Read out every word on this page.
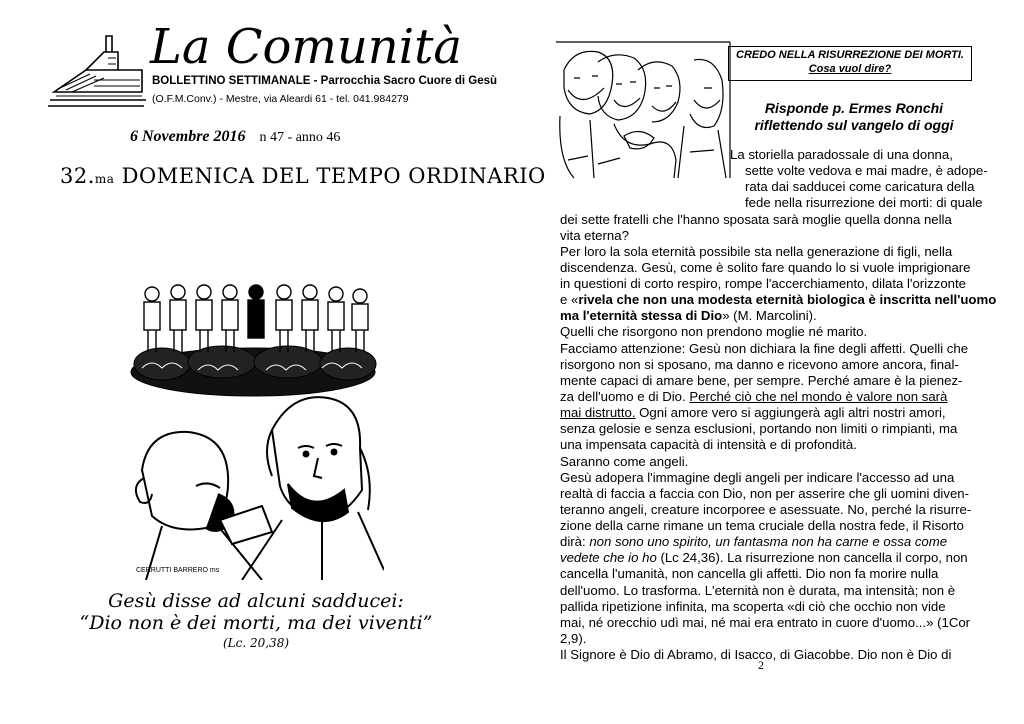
La Comunità
BOLLETTINO SETTIMANALE - Parrocchia Sacro Cuore di Gesù
(O.F.M.Conv.) - Mestre, via Aleardi 61 - tel. 041.984279
6 Novembre 2016 n 47 - anno 46
32.ma DOMENICA DEL TEMPO ORDINARIO
CERRUTTI BARRERO ms
Gesù disse ad alcuni sadducei:
“Dio non è dei morti, ma dei viventi”
(Lc. 20,38)
CREDO NELLA RISURREZIONE DEI MORTI.
Cosa vuol dire?
Risponde p. Ermes Ronchi
riflettendo sul vangelo di oggi
La storiella paradossale di una donna,
sette volte vedova e mai madre, è adope-
rata dai sadducei come caricatura della
fede nella risurrezione dei morti: di quale
dei sette fratelli che l'hanno sposata sarà moglie quella donna nella
vita eterna?
Per loro la sola eternità possibile sta nella generazione di figli, nella
discendenza. Gesù, come è solito fare quando lo si vuole imprigionare
in questioni di corto respiro, rompe l'accerchiamento, dilata l'orizzonte
e «rivela che non una modesta eternità biologica è inscritta nell'uomo
ma l'eternità stessa di Dio» (M. Marcolini).
Quelli che risorgono non prendono moglie né marito.
Facciamo attenzione: Gesù non dichiara la fine degli affetti. Quelli che
risorgono non si sposano, ma danno e ricevono amore ancora, final-
mente capaci di amare bene, per sempre. Perché amare è la pienez-
za dell'uomo e di Dio. Perché ciò che nel mondo è valore non sarà
mai distrutto. Ogni amore vero si aggiungerà agli altri nostri amori,
senza gelosie e senza esclusioni, portando non limiti o rimpianti, ma
una impensata capacità di intensità e di profondità.
Saranno come angeli.
Gesù adopera l'immagine degli angeli per indicare l'accesso ad una
realtà di faccia a faccia con Dio, non per asserire che gli uomini diven-
teranno angeli, creature incorporee e asessuate. No, perché la risurre-
zione della carne rimane un tema cruciale della nostra fede, il Risorto
dirà: non sono uno spirito, un fantasma non ha carne e ossa come
vedete che io ho (Lc 24,36). La risurrezione non cancella il corpo, non
cancella l'umanità, non cancella gli affetti. Dio non fa morire nulla
dell'uomo. Lo trasforma. L'eternità non è durata, ma intensità; non è
pallida ripetizione infinita, ma scoperta «di ciò che occhio non vide
mai, né orecchio udì mai, né mai era entrato in cuore d'uomo...» (1Cor
2,9).
Il Signore è Dio di Abramo, di Isacco, di Giacobbe. Dio non è Dio di
2
